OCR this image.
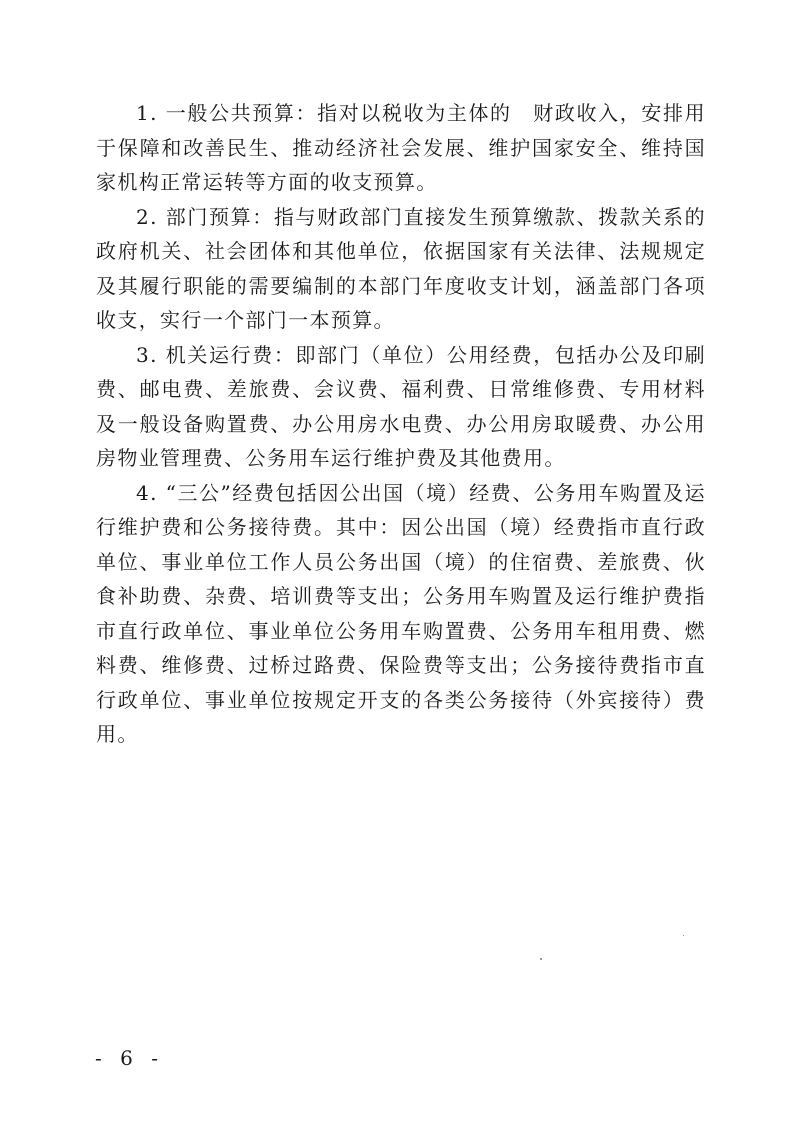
1. 一般公共预算：指对以税收为主体的　财政收入，安排用于保障和改善民生、推动经济社会发展、维护国家安全、维持国家机构正常运转等方面的收支预算。

2. 部门预算：指与财政部门直接发生预算缴款、拨款关系的政府机关、社会团体和其他单位，依据国家有关法律、法规规定及其履行职能的需要编制的本部门年度收支计划，涵盖部门各项收支，实行一个部门一本预算。

3. 机关运行费：即部门（单位）公用经费，包括办公及印刷费、邮电费、差旅费、会议费、福利费、日常维修费、专用材料及一般设备购置费、办公用房水电费、办公用房取暖费、办公用房物业管理费、公务用车运行维护费及其他费用。

4. “三公”经费包括因公出国（境）经费、公务用车购置及运行维护费和公务接待费。其中：因公出国（境）经费指市直行政单位、事业单位工作人员公务出国（境）的住宿费、差旅费、伙食补助费、杂费、培训费等支出；公务用车购置及运行维护费指市直行政单位、事业单位公务用车购置费、公务用车租用费、燃料费、维修费、过桥过路费、保险费等支出；公务接待费指市直行政单位、事业单位按规定开支的各类公务接待（外宾接待）费用。

- 6 -
